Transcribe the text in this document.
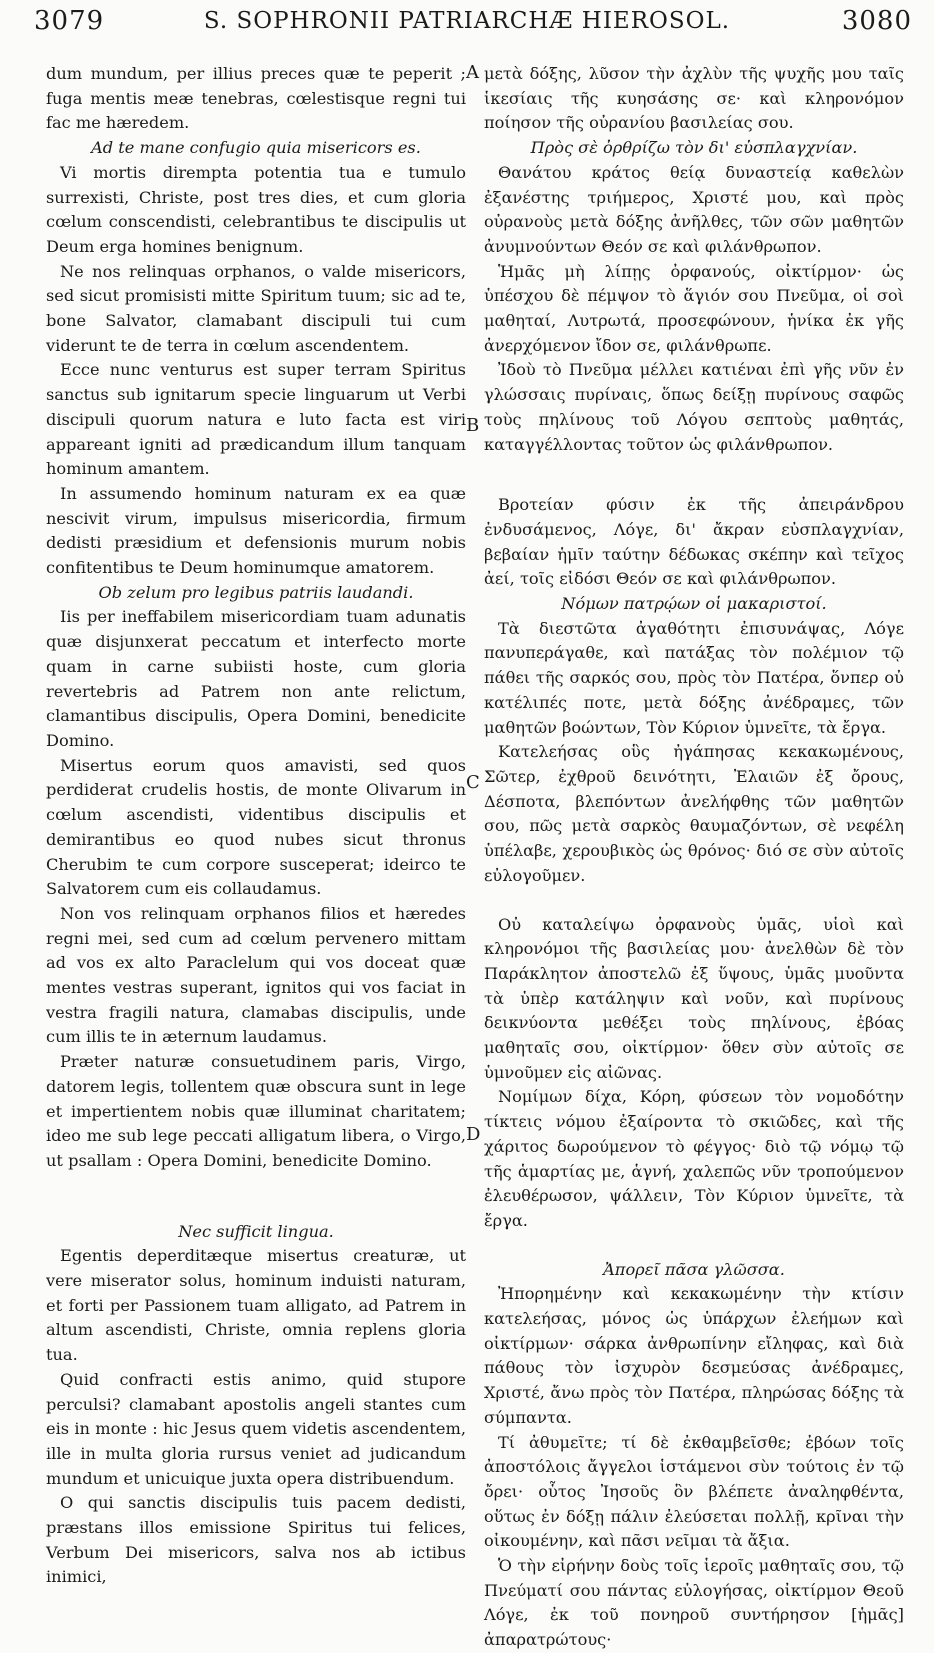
3079	S. SOPHRONII PATRIARCHÆ HIEROSOL.	3080
A
B
C
D

dum mundum, per illius preces quæ te peperit ; fuga mentis meæ tenebras, cœlestisque regni tui fac me hæredem.

Ad te mane confugio quia misericors es.

Vi mortis dirempta potentia tua e tumulo surrexisti, Christe, post tres dies, et cum gloria cœlum conscendisti, celebrantibus te discipulis ut Deum erga homines benignum.

Ne nos relinquas orphanos, o valde misericors, sed sicut promisisti mitte Spiritum tuum; sic ad te, bone Salvator, clamabant discipuli tui cum viderunt te de terra in cœlum ascendentem.

Ecce nunc venturus est super terram Spiritus sanctus sub ignitarum specie linguarum ut Verbi discipuli quorum natura e luto facta est viri appareant igniti ad prædicandum illum tanquam hominum amantem.

In assumendo hominum naturam ex ea quæ nescivit virum, impulsus misericordia, firmum dedisti præsidium et defensionis murum nobis confitentibus te Deum hominumque amatorem.

Ob zelum pro legibus patriis laudandi.

Iis per ineffabilem misericordiam tuam adunatis quæ disjunxerat peccatum et interfecto morte quam in carne subiisti hoste, cum gloria revertebris ad Patrem non ante relictum, clamantibus discipulis, Opera Domini, benedicite Domino.

Misertus eorum quos amavisti, sed quos perdiderat crudelis hostis, de monte Olivarum in cœlum ascendisti, videntibus discipulis et demirantibus eo quod nubes sicut thronus Cherubim te cum corpore susceperat; ideirco te Salvatorem cum eis collaudamus.

Non vos relinquam orphanos filios et hæredes regni mei, sed cum ad cœlum pervenero mittam ad vos ex alto Paraclelum qui vos doceat quæ mentes vestras superant, ignitos qui vos faciat in vestra fragili natura, clamabas discipulis, unde cum illis te in æternum laudamus.

Præter naturæ consuetudinem paris, Virgo, datorem legis, tollentem quæ obscura sunt in lege et impertientem nobis quæ illuminat charitatem; ideo me sub lege peccati alligatum libera, o Virgo, ut psallam : Opera Domini, benedicite Domino.

Nec sufficit lingua.

Egentis deperditæque misertus creaturæ, ut vere miserator solus, hominum induisti naturam, et forti per Passionem tuam alligato, ad Patrem in altum ascendisti, Christe, omnia replens gloria tua.

Quid confracti estis animo, quid stupore perculsi? clamabant apostolis angeli stantes cum eis in monte : hic Jesus quem videtis ascendentem, ille in multa gloria rursus veniet ad judicandum mundum et unicuique juxta opera distribuendum.

O qui sanctis discipulis tuis pacem dedisti, præstans illos emissione Spiritus tui felices, Verbum Dei misericors, salva nos ab ictibus inimici,

μετὰ δόξης, λῦσον τὴν ἀχλὺν τῆς ψυχῆς μου ταῖς ἱκεσίαις τῆς κυησάσης σε· καὶ κληρονόμον ποίησον τῆς οὐρανίου βασιλείας σου.

Πρὸς σὲ ὀρθρίζω τὸν δι' εὐσπλαγχνίαν.

Θανάτου κράτος θείᾳ δυναστείᾳ καθελὼν ἐξανέστης τριήμερος, Χριστέ μου, καὶ πρὸς οὐρανοὺς μετὰ δόξης ἀνῆλθες, τῶν σῶν μαθητῶν ἀνυμνούντων Θεόν σε καὶ φιλάνθρωπον.

Ἡμᾶς μὴ λίπῃς ὀρφανούς, οἰκτίρμον· ὡς ὑπέσχου δὲ πέμψον τὸ ἅγιόν σου Πνεῦμα, οἱ σοὶ μαθηταί, Λυτρωτά, προσεφώνουν, ἡνίκα ἐκ γῆς ἀνερχόμενον ἴδον σε, φιλάνθρωπε.

Ἰδοὺ τὸ Πνεῦμα μέλλει κατιέναι ἐπὶ γῆς νῦν ἐν γλώσσαις πυρίναις, ὅπως δείξῃ πυρίνους σαφῶς τοὺς πηλίνους τοῦ Λόγου σεπτοὺς μαθητάς, καταγγέλλοντας τοῦτον ὡς φιλάνθρωπον.

Βροτείαν φύσιν ἐκ τῆς ἀπειράνδρου ἐνδυσάμενος, Λόγε, δι' ἄκραν εὐσπλαγχνίαν, βεβαίαν ἡμῖν ταύτην δέδωκας σκέπην καὶ τεῖχος ἀεί, τοῖς εἰδόσι Θεόν σε καὶ φιλάνθρωπον.

Νόμων πατρῴων οἱ μακαριστοί.

Τὰ διεστῶτα ἀγαθότητι ἐπισυνάψας, Λόγε πανυπεράγαθε, καὶ πατάξας τὸν πολέμιον τῷ πάθει τῆς σαρκός σου, πρὸς τὸν Πατέρα, ὅνπερ οὐ κατέλιπές ποτε, μετὰ δόξης ἀνέδραμες, τῶν μαθητῶν βοώντων, Τὸν Κύριον ὑμνεῖτε, τὰ ἔργα.

Κατελεήσας οὓς ἠγάπησας κεκακωμένους, Σῶτερ, ἐχθροῦ δεινότητι, Ἐλαιῶν ἐξ ὄρους, Δέσποτα, βλεπόντων ἀνελήφθης τῶν μαθητῶν σου, πῶς μετὰ σαρκὸς θαυμαζόντων, σὲ νεφέλη ὑπέλαβε, χερουβικὸς ὡς θρόνος· διό σε σὺν αὐτοῖς εὐλογοῦμεν.

Οὐ καταλείψω ὀρφανοὺς ὑμᾶς, υἱοὶ καὶ κληρονόμοι τῆς βασιλείας μου· ἀνελθὼν δὲ τὸν Παράκλητον ἀποστελῶ ἐξ ὕψους, ὑμᾶς μυοῦντα τὰ ὑπὲρ κατάληψιν καὶ νοῦν, καὶ πυρίνους δεικνύοντα μεθέξει τοὺς πηλίνους, ἐβόας μαθηταῖς σου, οἰκτίρμον· ὅθεν σὺν αὐτοῖς σε ὑμνοῦμεν εἰς αἰῶνας.

Νομίμων δίχα, Κόρη, φύσεων τὸν νομοδότην τίκτεις νόμου ἐξαίροντα τὸ σκιῶδες, καὶ τῆς χάριτος δωρούμενον τὸ φέγγος· διὸ τῷ νόμῳ τῷ τῆς ἁμαρτίας με, ἁγνή, χαλεπῶς νῦν τροπούμενον ἐλευθέρωσον, ψάλλειν, Τὸν Κύριον ὑμνεῖτε, τὰ ἔργα.

Ἀπορεῖ πᾶσα γλῶσσα.

Ἠπορημένην καὶ κεκακωμένην τὴν κτίσιν κατελεήσας, μόνος ὡς ὑπάρχων ἐλεήμων καὶ οἰκτίρμων· σάρκα ἀνθρωπίνην εἴληφας, καὶ διὰ πάθους τὸν ἰσχυρὸν δεσμεύσας ἀνέδραμες, Χριστέ, ἄνω πρὸς τὸν Πατέρα, πληρώσας δόξης τὰ σύμπαντα.

Τί ἀθυμεῖτε; τί δὲ ἐκθαμβεῖσθε; ἐβόων τοῖς ἀποστόλοις ἄγγελοι ἱστάμενοι σὺν τούτοις ἐν τῷ ὄρει· οὗτος Ἰησοῦς ὃν βλέπετε ἀναληφθέντα, οὕτως ἐν δόξῃ πάλιν ἐλεύσεται πολλῇ, κρῖναι τὴν οἰκουμένην, καὶ πᾶσι νεῖμαι τὰ ἄξια.

Ὁ τὴν εἰρήνην δοὺς τοῖς ἱεροῖς μαθηταῖς σου, τῷ Πνεύματί σου πάντας εὐλογήσας, οἰκτίρμον Θεοῦ Λόγε, ἐκ τοῦ πονηροῦ συντήρησον [ἡμᾶς] ἀπαρατρώτους·
